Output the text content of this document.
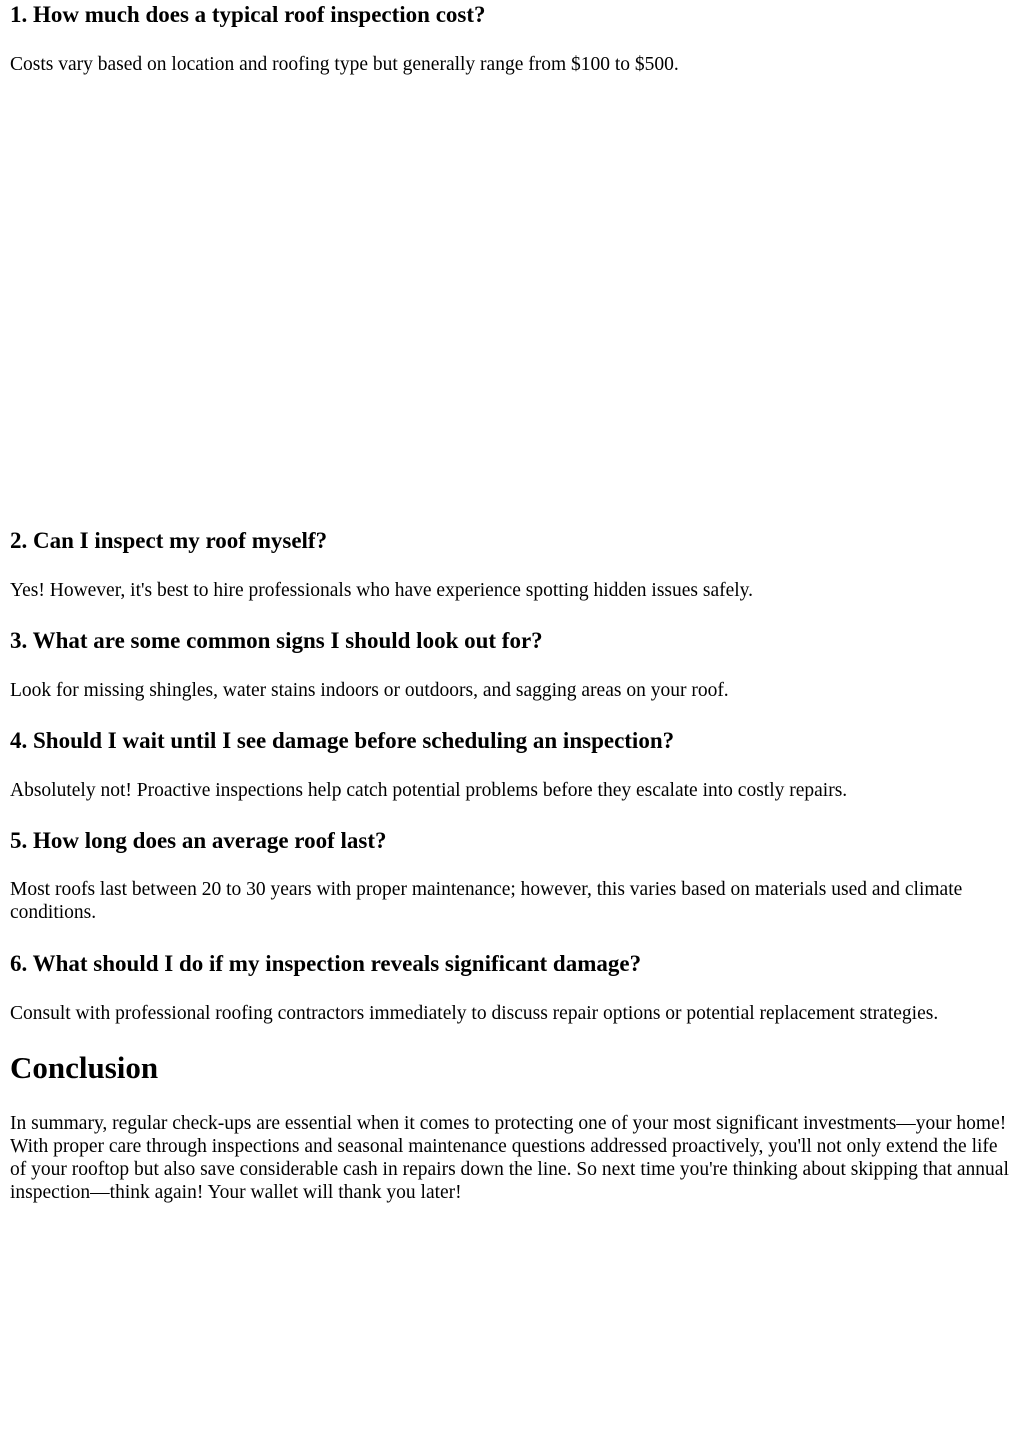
1. How much does a typical roof inspection cost?

Costs vary based on location and roofing type but generally range from $100 to $500.

2. Can I inspect my roof myself?

Yes! However, it's best to hire professionals who have experience spotting hidden issues safely.

3. What are some common signs I should look out for?

Look for missing shingles, water stains indoors or outdoors, and sagging areas on your roof.

4. Should I wait until I see damage before scheduling an inspection?

Absolutely not! Proactive inspections help catch potential problems before they escalate into costly repairs.

5. How long does an average roof last?

Most roofs last between 20 to 30 years with proper maintenance; however, this varies based on materials used and climate conditions.

6. What should I do if my inspection reveals significant damage?

Consult with professional roofing contractors immediately to discuss repair options or potential replacement strategies.

Conclusion

In summary, regular check-ups are essential when it comes to protecting one of your most significant investments—your home! With proper care through inspections and seasonal maintenance questions addressed proactively, you'll not only extend the life of your rooftop but also save considerable cash in repairs down the line. So next time you're thinking about skipping that annual inspection—think again! Your wallet will thank you later!
